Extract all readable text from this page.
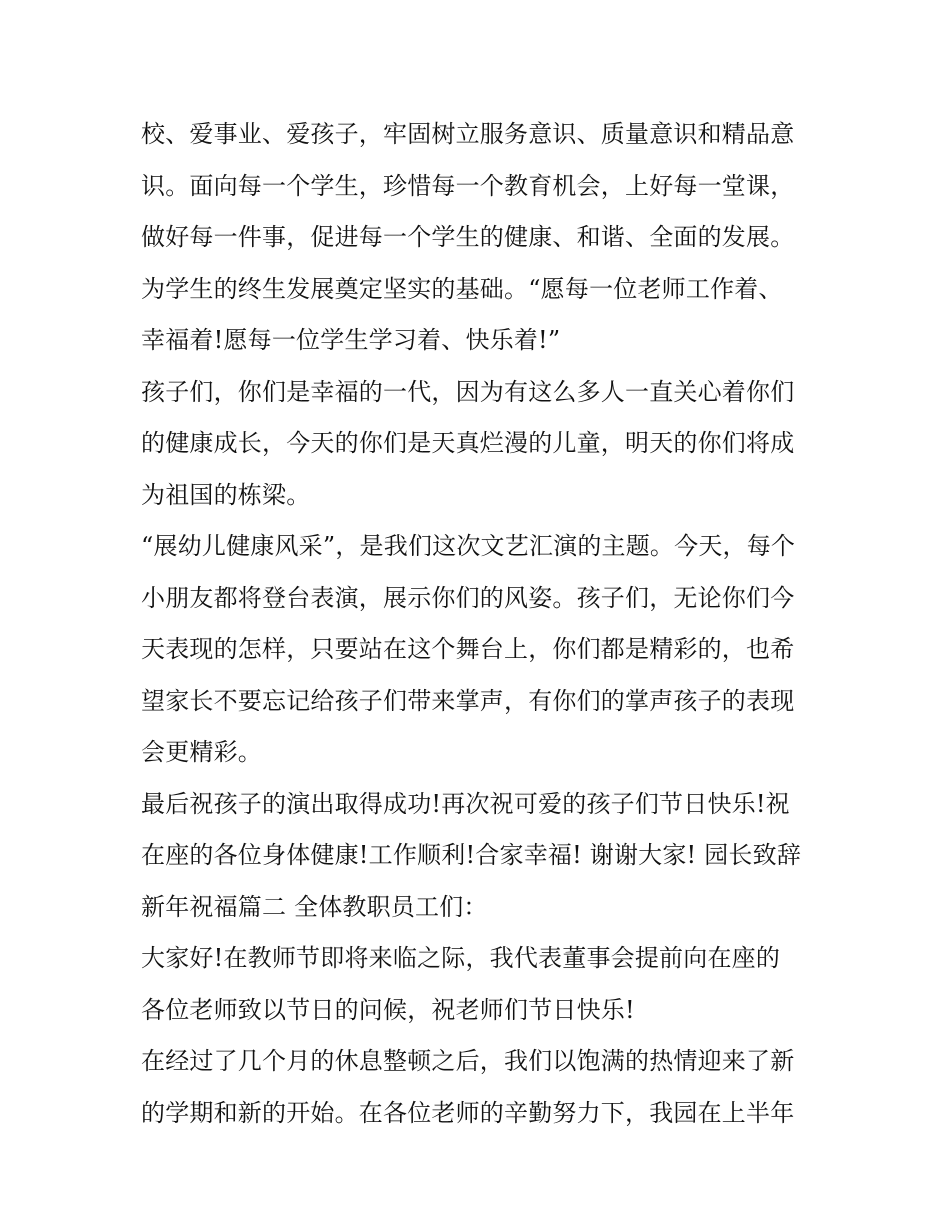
校、爱事业、爱孩子，牢固树立服务意识、质量意识和精品意
识。面向每一个学生，珍惜每一个教育机会，上好每一堂课，
做好每一件事，促进每一个学生的健康、和谐、全面的发展。
为学生的终生发展奠定坚实的基础。“愿每一位老师工作着、
幸福着!愿每一位学生学习着、快乐着!”
孩子们，你们是幸福的一代，因为有这么多人一直关心着你们
的健康成长，今天的你们是天真烂漫的儿童，明天的你们将成
为祖国的栋梁。
“展幼儿健康风采”，是我们这次文艺汇演的主题。今天，每个
小朋友都将登台表演，展示你们的风姿。孩子们，无论你们今
天表现的怎样，只要站在这个舞台上，你们都是精彩的，也希
望家长不要忘记给孩子们带来掌声，有你们的掌声孩子的表现
会更精彩。
最后祝孩子的演出取得成功!再次祝可爱的孩子们节日快乐!祝
在座的各位身体健康!工作顺利!合家幸福! 谢谢大家! 园长致辞
新年祝福篇二 全体教职员工们：
大家好!在教师节即将来临之际，我代表董事会提前向在座的
各位老师致以节日的问候，祝老师们节日快乐!
在经过了几个月的休息整顿之后，我们以饱满的热情迎来了新
的学期和新的开始。在各位老师的辛勤努力下，我园在上半年
